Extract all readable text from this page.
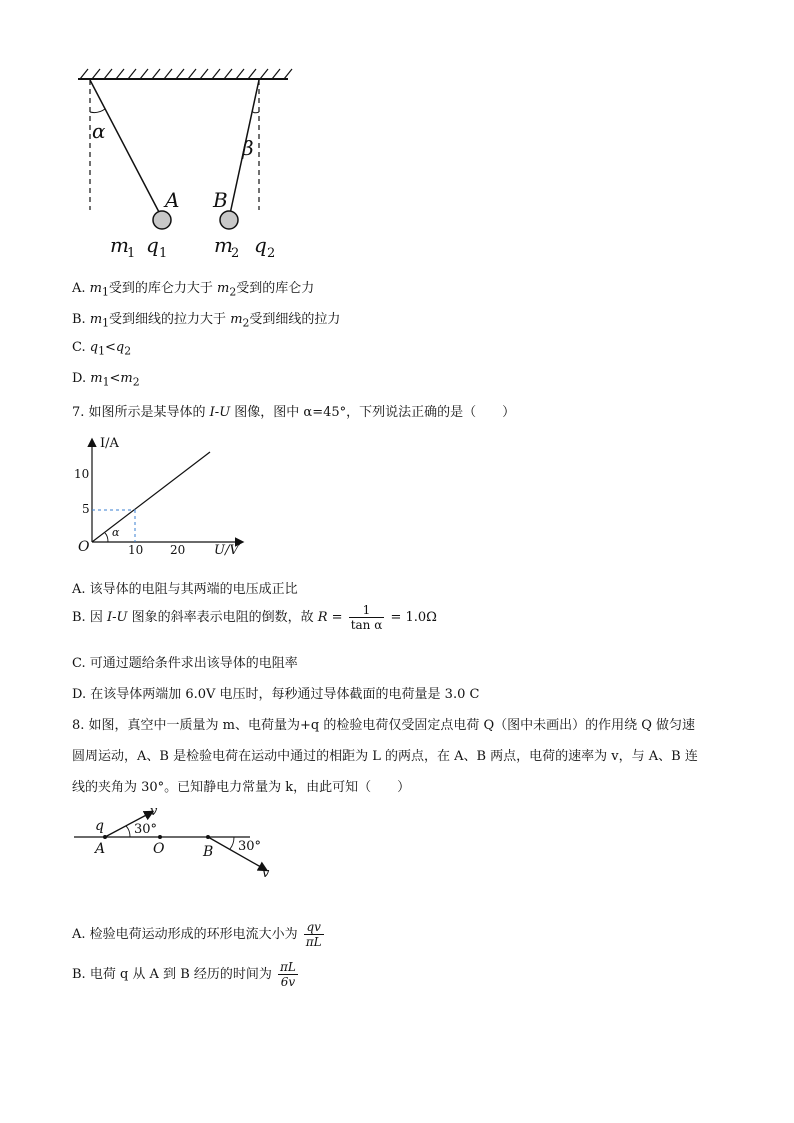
α
β
A B
m
1 q 1 m
2 q 2
A. $m_1$受到的库仑力大于 $m_2$受到的库仑力
B. $m_1$受到细线的拉力大于 $m_2$受到细线的拉力
C. $q_1<q_2$
D. $m_1<m_2$
7. 如图所示是某导体的 I-U 图像，图中 α=45°，下列说法正确的是（　　）
I/A
U/V
O
α
10
5
10 20
A. 该导体的电阻与其两端的电压成正比
B. 因 I-U 图象的斜率表示电阻的倒数，故 $R = \frac{1}{\text{tan α}} = 1.0\Omega$
C. 可通过题给条件求出该导体的电阻率
D. 在该导体两端加 6.0V 电压时，每秒通过导体截面的电荷量是 3.0 C
8. 如图，真空中一质量为 m、电荷量为+q 的检验电荷仅受固定点电荷 Q（图中未画出）的作用绕 Q 做匀速
圆周运动，A、B 是检验电荷在运动中通过的相距为 L 的两点，在 A、B 两点，电荷的速率为 v，与 A、B 连
线的夹角为 30°。已知静电力常量为 k，由此可知（　　）
q
v
30°
A	O	B 30°
v
A. 检验电荷运动形成的环形电流大小为 $\frac{qv}{\pi L}$
B. 电荷 q 从 A 到 B 经历的时间为 $\frac{\pi L}{6v}$
